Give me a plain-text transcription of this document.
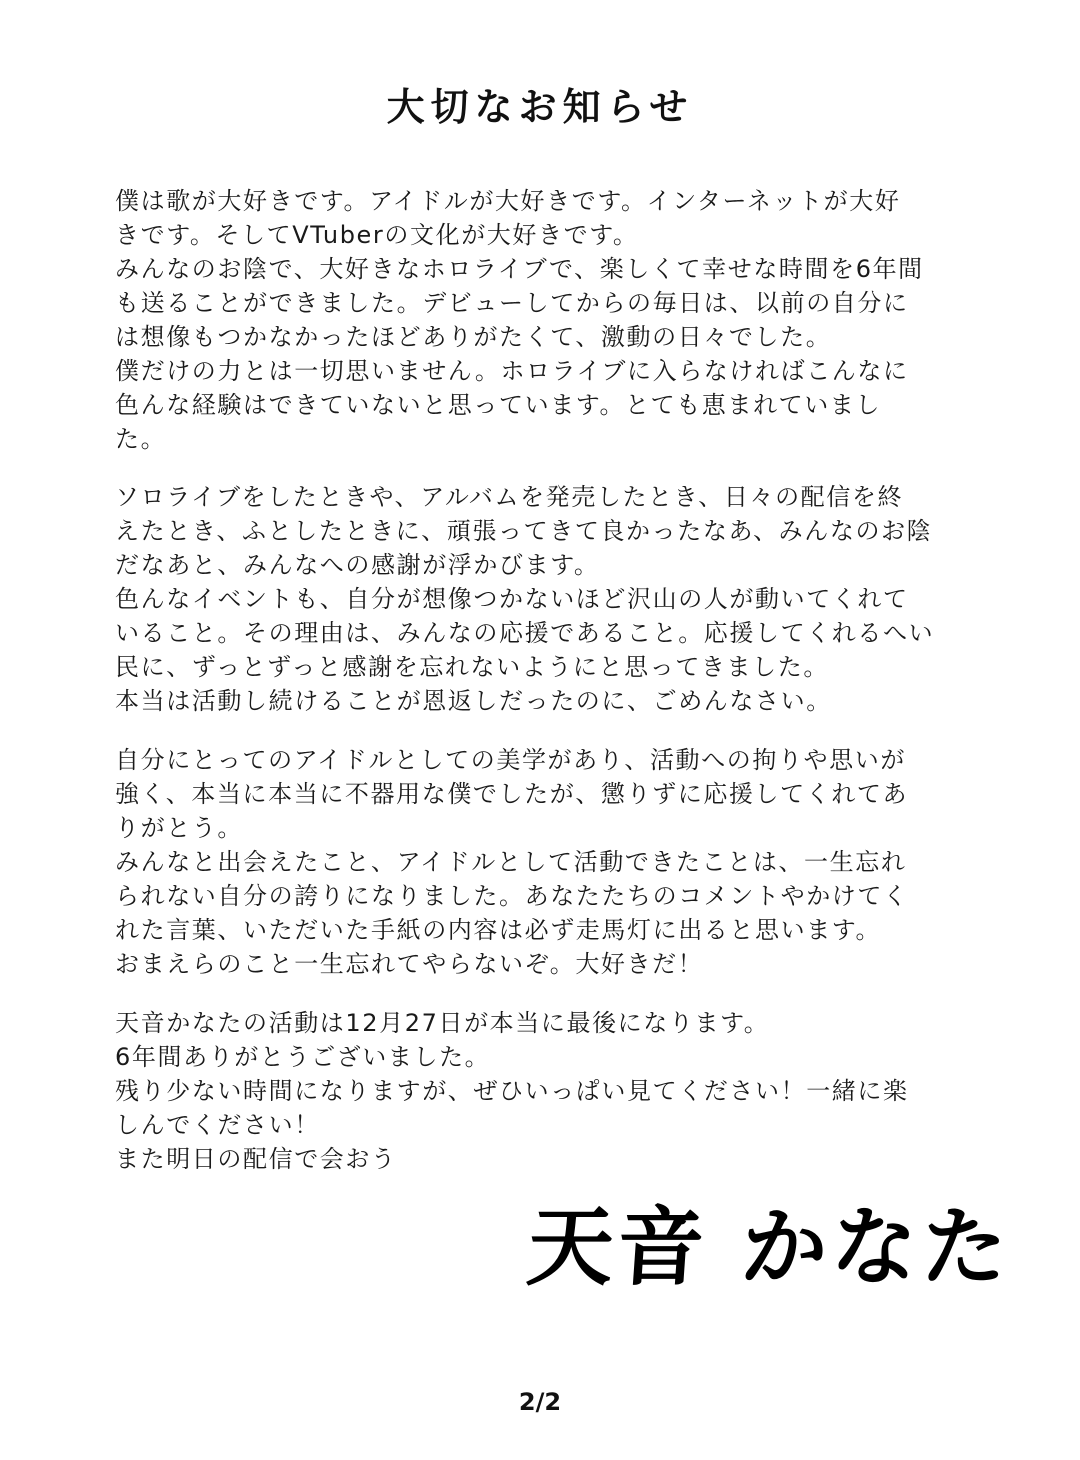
大切なお知らせ
僕は歌が大好きです。アイドルが大好きです。インターネットが大好
きです。そしてVTuberの文化が大好きです。
みんなのお陰で、大好きなホロライブで、楽しくて幸せな時間を6年間
も送ることができました。デビューしてからの毎日は、以前の自分に
は想像もつかなかったほどありがたくて、激動の日々でした。
僕だけの力とは一切思いません。ホロライブに入らなければこんなに
色んな経験はできていないと思っています。とても恵まれていまし
た。
ソロライブをしたときや、アルバムを発売したとき、日々の配信を終
えたとき、ふとしたときに、頑張ってきて良かったなあ、みんなのお陰
だなあと、みんなへの感謝が浮かびます。
色んなイベントも、自分が想像つかないほど沢山の人が動いてくれて
いること。その理由は、みんなの応援であること。応援してくれるへい
民に、ずっとずっと感謝を忘れないようにと思ってきました。
本当は活動し続けることが恩返しだったのに、ごめんなさい。
自分にとってのアイドルとしての美学があり、活動への拘りや思いが
強く、本当に本当に不器用な僕でしたが、懲りずに応援してくれてあ
りがとう。
みんなと出会えたこと、アイドルとして活動できたことは、一生忘れ
られない自分の誇りになりました。あなたたちのコメントやかけてく
れた言葉、いただいた手紙の内容は必ず走馬灯に出ると思います。
おまえらのこと一生忘れてやらないぞ。大好きだ！
天音かなたの活動は12月27日が本当に最後になります。
6年間ありがとうございました。
残り少ない時間になりますが、ぜひいっぱい見てください！一緒に楽
しんでください！
また明日の配信で会おう
天音 かなた
2/2
